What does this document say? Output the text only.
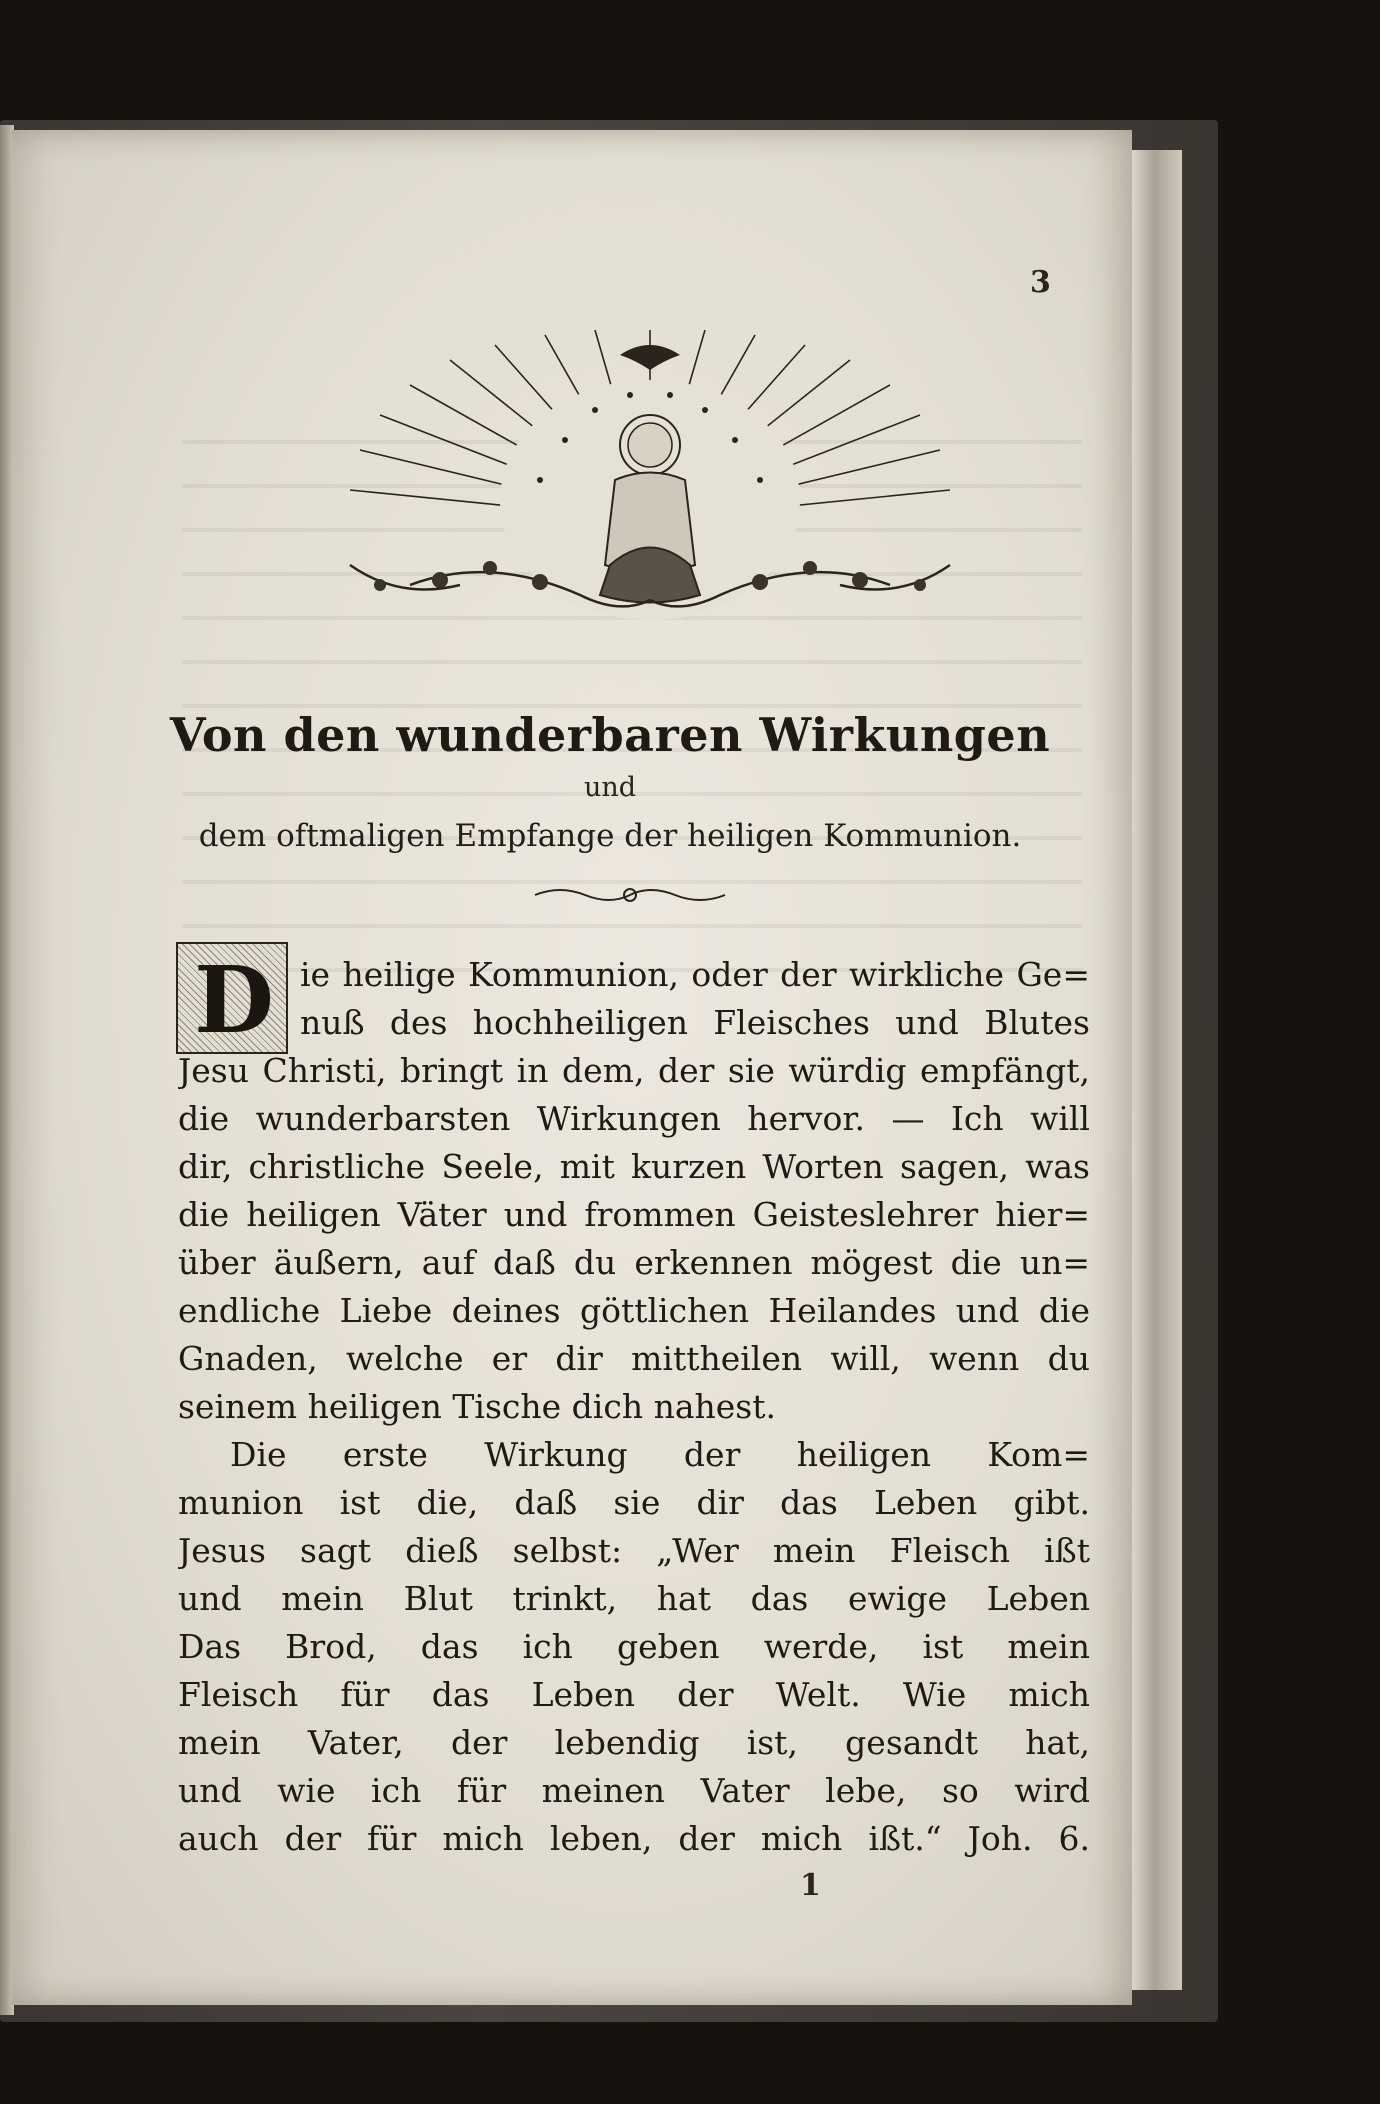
3
Von den wunderbaren Wirkungen
und
dem oftmaligen Empfange der heiligen Kommunion.
D ie heilige Kommunion, oder der wirkliche Ge=
nuß des hochheiligen Fleisches und Blutes
Jesu Christi, bringt in dem, der sie würdig empfängt,
die wunderbarsten Wirkungen hervor. — Ich will
dir, christliche Seele, mit kurzen Worten sagen, was
die heiligen Väter und frommen Geisteslehrer hier=
über äußern, auf daß du erkennen mögest die un=
endliche Liebe deines göttlichen Heilandes und die
Gnaden, welche er dir mittheilen will, wenn du
seinem heiligen Tische dich nahest.
Die erste Wirkung der heiligen Kom=
munion ist die, daß sie dir das Leben gibt.
Jesus sagt dieß selbst: „Wer mein Fleisch ißt
und mein Blut trinkt, hat das ewige Leben
Das Brod, das ich geben werde, ist mein
Fleisch für das Leben der Welt. Wie mich
mein Vater, der lebendig ist, gesandt hat,
und wie ich für meinen Vater lebe, so wird
auch der für mich leben, der mich ißt.“ Joh. 6.
1
